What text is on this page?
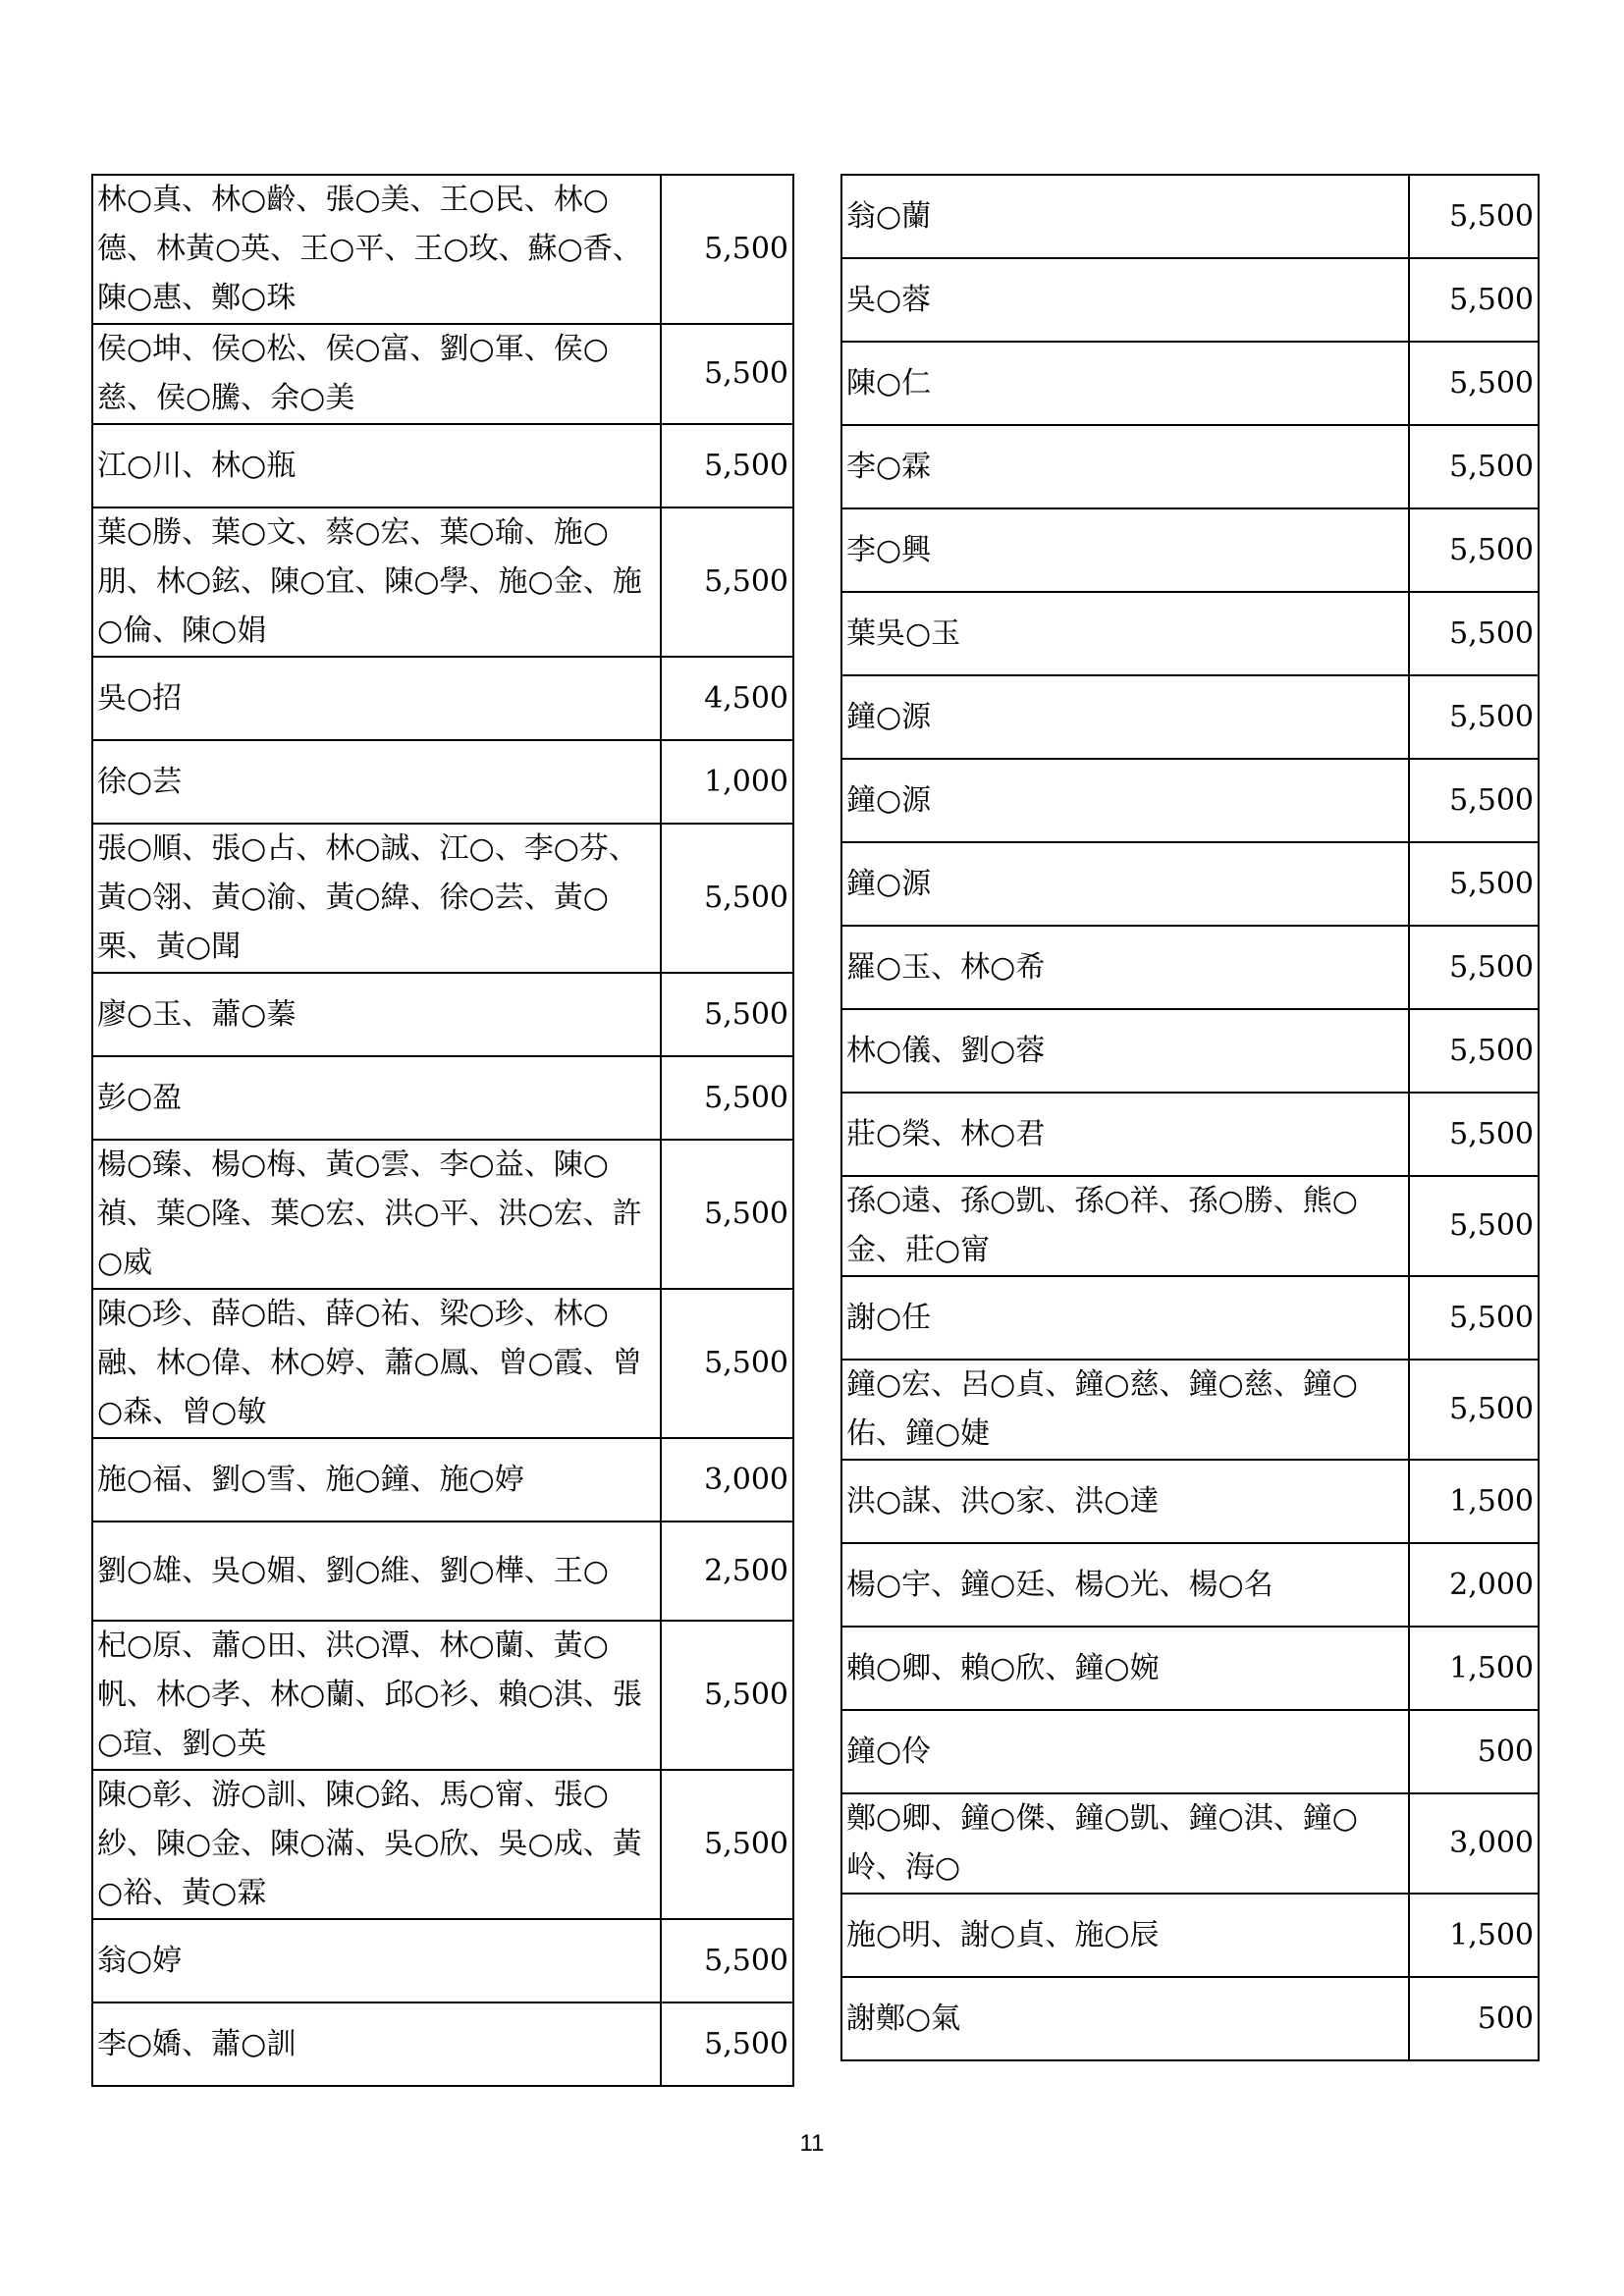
林○真、林○齡、張○美、王○民、林○德、林黃○英、王○平、王○玫、蘇○香、陳○惠、鄭○珠	5,500
侯○坤、侯○松、侯○富、劉○軍、侯○慈、侯○騰、余○美	5,500
江○川、林○瓶	5,500
葉○勝、葉○文、蔡○宏、葉○瑜、施○朋、林○鉉、陳○宜、陳○學、施○金、施○倫、陳○娟	5,500
吳○招	4,500
徐○芸	1,000
張○順、張○占、林○誠、江○、李○芬、黃○翎、黃○渝、黃○緯、徐○芸、黃○栗、黃○聞	5,500
廖○玉、蕭○蓁	5,500
彭○盈	5,500
楊○臻、楊○梅、黃○雲、李○益、陳○禎、葉○隆、葉○宏、洪○平、洪○宏、許○威	5,500
陳○珍、薛○皓、薛○祐、梁○珍、林○融、林○偉、林○婷、蕭○鳳、曾○霞、曾○森、曾○敏	5,500
施○福、劉○雪、施○鐘、施○婷	3,000
劉○雄、吳○媚、劉○維、劉○樺、王○	2,500
杞○原、蕭○田、洪○潭、林○蘭、黃○帆、林○孝、林○蘭、邱○衫、賴○淇、張○瑄、劉○英	5,500
陳○彰、游○訓、陳○銘、馬○甯、張○紗、陳○金、陳○滿、吳○欣、吳○成、黃○裕、黃○霖	5,500
翁○婷	5,500
李○嬌、蕭○訓	5,500
翁○蘭	5,500
吳○蓉	5,500
陳○仁	5,500
李○霖	5,500
李○興	5,500
葉吳○玉	5,500
鐘○源	5,500
鐘○源	5,500
鐘○源	5,500
羅○玉、林○希	5,500
林○儀、劉○蓉	5,500
莊○榮、林○君	5,500
孫○遠、孫○凱、孫○祥、孫○勝、熊○金、莊○甯	5,500
謝○任	5,500
鐘○宏、呂○貞、鐘○慈、鐘○慈、鐘○佑、鐘○婕	5,500
洪○謀、洪○家、洪○達	1,500
楊○宇、鐘○廷、楊○光、楊○名	2,000
賴○卿、賴○欣、鐘○婉	1,500
鐘○伶	500
鄭○卿、鐘○傑、鐘○凱、鐘○淇、鐘○岭、海○	3,000
施○明、謝○貞、施○辰	1,500
謝鄭○氣	500
11
